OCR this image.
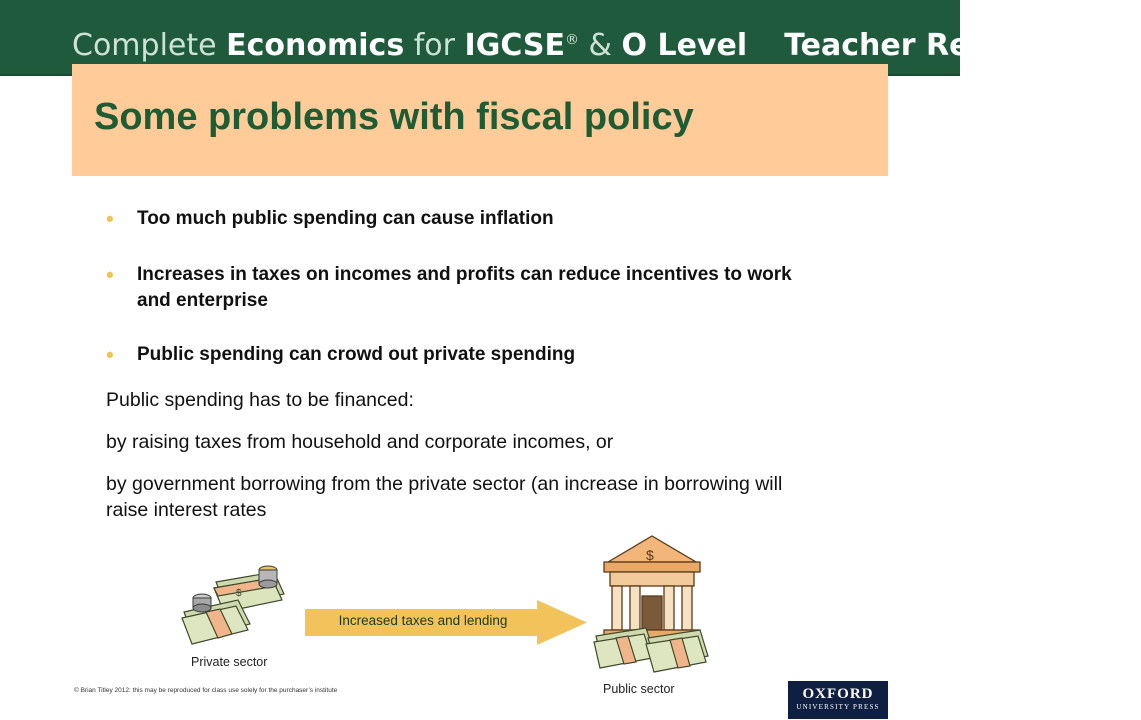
Complete Economics for IGCSE® & O Level Teacher Resource Kit
Some problems with fiscal policy
• Too much public spending can cause inflation
• Increases in taxes on incomes and profits can reduce incentives to work and enterprise
• Public spending can crowd out private spending
Public spending has to be financed:
by raising taxes from household and corporate incomes, or
by government borrowing from the private sector (an increase in borrowing will raise interest rates
$
Increased taxes and lending
Private sector
$
Public sector
© Brian Titley 2012: this may be reproduced for class use solely for the purchaser’s institute	OXFORD
UNIVERSITY PRESS
